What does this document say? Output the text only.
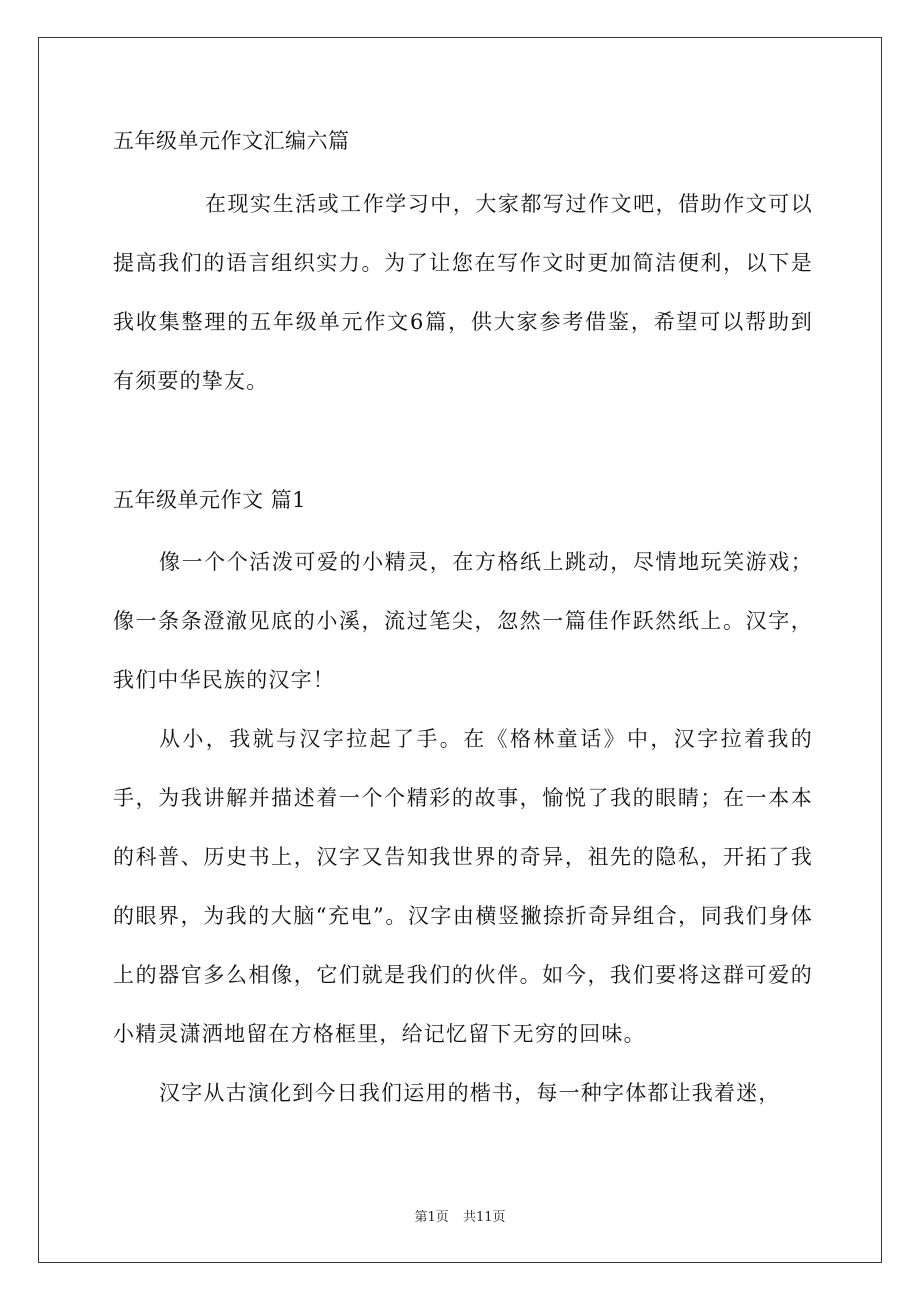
五年级单元作文汇编六篇

在现实生活或工作学习中，大家都写过作文吧，借助作文可以提高我们的语言组织实力。为了让您在写作文时更加简洁便利，以下是我收集整理的五年级单元作文6篇，供大家参考借鉴，希望可以帮助到有须要的挚友。

五年级单元作文 篇1

像一个个活泼可爱的小精灵，在方格纸上跳动，尽情地玩笑游戏；像一条条澄澈见底的小溪，流过笔尖，忽然一篇佳作跃然纸上。汉字，我们中华民族的汉字！

从小，我就与汉字拉起了手。在《格林童话》中，汉字拉着我的手，为我讲解并描述着一个个精彩的故事，愉悦了我的眼睛；在一本本的科普、历史书上，汉字又告知我世界的奇异，祖先的隐私，开拓了我的眼界，为我的大脑“充电”。汉字由横竖撇捺折奇异组合，同我们身体上的器官多么相像，它们就是我们的伙伴。如今，我们要将这群可爱的小精灵潇洒地留在方格框里，给记忆留下无穷的回味。

汉字从古演化到今日我们运用的楷书，每一种字体都让我着迷，

第1页 共11页
